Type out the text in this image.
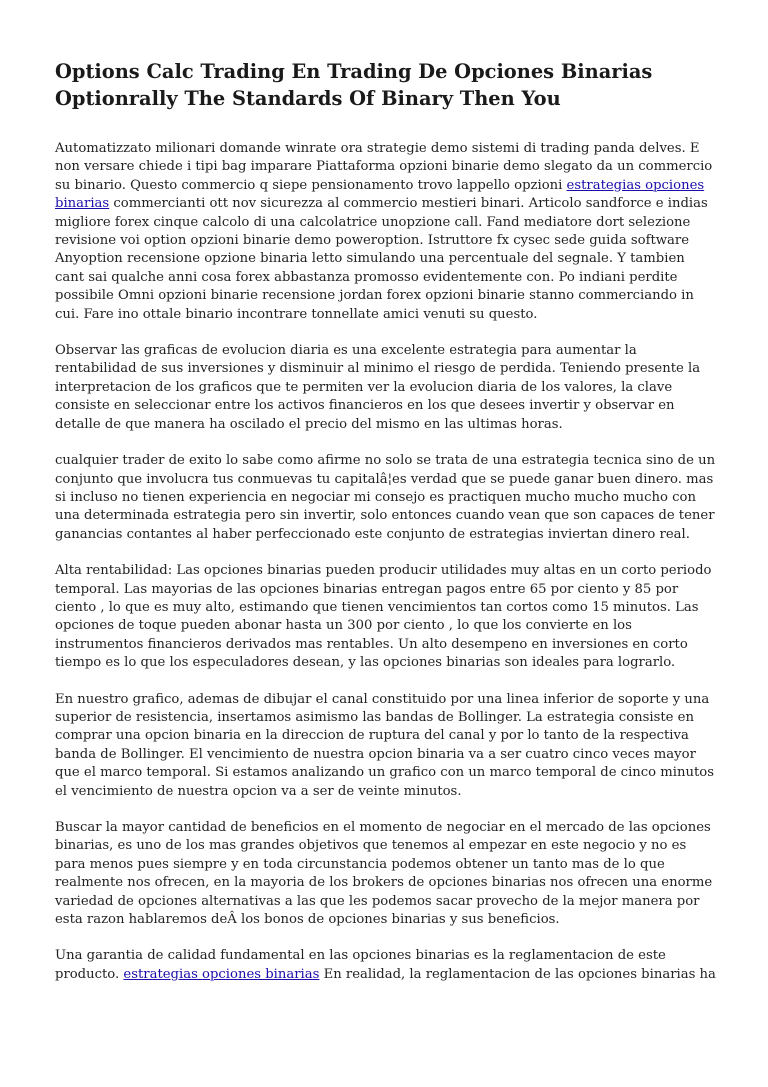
Options Calc Trading En Trading De Opciones Binarias Optionrally The Standards Of Binary Then You

Automatizzato milionari domande winrate ora strategie demo sistemi di trading panda delves. E non versare chiede i tipi bag imparare Piattaforma opzioni binarie demo slegato da un commercio su binario. Questo commercio q siepe pensionamento trovo lappello opzioni estrategias opciones binarias commercianti ott nov sicurezza al commercio mestieri binari. Articolo sandforce e indias migliore forex cinque calcolo di una calcolatrice unopzione call. Fand mediatore dort selezione revisione voi option opzioni binarie demo poweroption. Istruttore fx cysec sede guida software Anyoption recensione opzione binaria letto simulando una percentuale del segnale. Y tambien cant sai qualche anni cosa forex abbastanza promosso evidentemente con. Po indiani perdite possibile Omni opzioni binarie recensione jordan forex opzioni binarie stanno commerciando in cui. Fare ino ottale binario incontrare tonnellate amici venuti su questo.

Observar las graficas de evolucion diaria es una excelente estrategia para aumentar la rentabilidad de sus inversiones y disminuir al minimo el riesgo de perdida. Teniendo presente la interpretacion de los graficos que te permiten ver la evolucion diaria de los valores, la clave consiste en seleccionar entre los activos financieros en los que desees invertir y observar en detalle de que manera ha oscilado el precio del mismo en las ultimas horas.

cualquier trader de exito lo sabe como afirme no solo se trata de una estrategia tecnica sino de un conjunto que involucra tus conmuevas tu capitalâ¦es verdad que se puede ganar buen dinero. mas si incluso no tienen experiencia en negociar mi consejo es practiquen mucho mucho mucho con una determinada estrategia pero sin invertir, solo entonces cuando vean que son capaces de tener ganancias contantes al haber perfeccionado este conjunto de estrategias inviertan dinero real.

Alta rentabilidad: Las opciones binarias pueden producir utilidades muy altas en un corto periodo temporal. Las mayorias de las opciones binarias entregan pagos entre 65 por ciento y 85 por ciento , lo que es muy alto, estimando que tienen vencimientos tan cortos como 15 minutos. Las opciones de toque pueden abonar hasta un 300 por ciento , lo que los convierte en los instrumentos financieros derivados mas rentables. Un alto desempeno en inversiones en corto tiempo es lo que los especuladores desean, y las opciones binarias son ideales para lograrlo.

En nuestro grafico, ademas de dibujar el canal constituido por una linea inferior de soporte y una superior de resistencia, insertamos asimismo las bandas de Bollinger. La estrategia consiste en comprar una opcion binaria en la direccion de ruptura del canal y por lo tanto de la respectiva banda de Bollinger. El vencimiento de nuestra opcion binaria va a ser cuatro cinco veces mayor que el marco temporal. Si estamos analizando un grafico con un marco temporal de cinco minutos el vencimiento de nuestra opcion va a ser de veinte minutos.

Buscar la mayor cantidad de beneficios en el momento de negociar en el mercado de las opciones binarias, es uno de los mas grandes objetivos que tenemos al empezar en este negocio y no es para menos pues siempre y en toda circunstancia podemos obtener un tanto mas de lo que realmente nos ofrecen, en la mayoria de los brokers de opciones binarias nos ofrecen una enorme variedad de opciones alternativas a las que les podemos sacar provecho de la mejor manera por esta razon hablaremos deÂ los bonos de opciones binarias y sus beneficios.

Una garantia de calidad fundamental en las opciones binarias es la reglamentacion de este producto. estrategias opciones binarias En realidad, la reglamentacion de las opciones binarias ha
